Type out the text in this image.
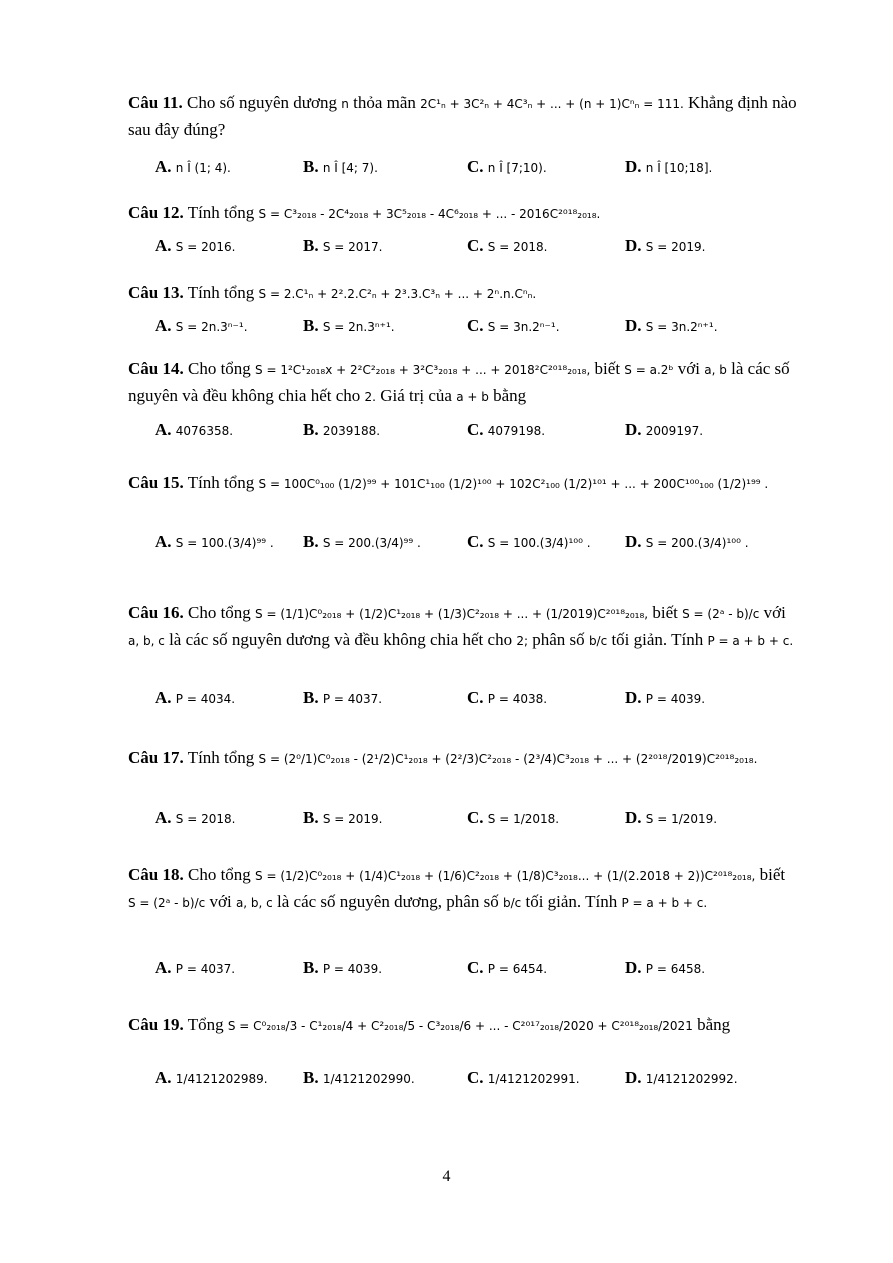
Câu 11. Cho số nguyên dương n thỏa mãn 2C¹ₙ + 3C²ₙ + 4C³ₙ + ... + (n + 1)Cⁿₙ = 111. Khẳng định nào sau đây đúng?
A. n Î (1; 4).	B. n Î [4; 7).	C. n Î [7;10).	D. n Î [10;18].
Câu 12. Tính tổng S = C³₂₀₁₈ - 2C⁴₂₀₁₈ + 3C⁵₂₀₁₈ - 4C⁶₂₀₁₈ + ... - 2016C²⁰¹⁸₂₀₁₈.
A. S = 2016.	B. S = 2017.	C. S = 2018.	D. S = 2019.
Câu 13. Tính tổng S = 2.C¹ₙ + 2².2.C²ₙ + 2³.3.C³ₙ + ... + 2ⁿ.n.Cⁿₙ.
A. S = 2n.3ⁿ⁻¹.	B. S = 2n.3ⁿ⁺¹.	C. S = 3n.2ⁿ⁻¹.	D. S = 3n.2ⁿ⁺¹.
Câu 14. Cho tổng S = 1²C¹₂₀₁₈x + 2²C²₂₀₁₈ + 3²C³₂₀₁₈ + ... + 2018²C²⁰¹⁸₂₀₁₈, biết S = a.2ᵇ với a, b là các số nguyên và đều không chia hết cho 2. Giá trị của a + b bằng
A. 4076358.	B. 2039188.	C. 4079198.	D. 2009197.
Câu 15. Tính tổng S = 100C⁰₁₀₀ (1/2)⁹⁹ + 101C¹₁₀₀ (1/2)¹⁰⁰ + 102C²₁₀₀ (1/2)¹⁰¹ + ... + 200C¹⁰⁰₁₀₀ (1/2)¹⁹⁹ .
A. S = 100.(3/4)⁹⁹ . B. S = 200.(3/4)⁹⁹ .	C. S = 100.(3/4)¹⁰⁰ . D. S = 200.(3/4)¹⁰⁰ .
Câu 16. Cho tổng S = (1/1)C⁰₂₀₁₈ + (1/2)C¹₂₀₁₈ + (1/3)C²₂₀₁₈ + ... + (1/2019)C²⁰¹⁸₂₀₁₈, biết S = (2ᵃ - b)/c với a, b, c là các số nguyên dương và đều không chia hết cho 2; phân số b/c tối giản. Tính P = a + b + c.
A. P = 4034.	B. P = 4037.	C. P = 4038.	D. P = 4039.
Câu 17. Tính tổng S = (2⁰/1)C⁰₂₀₁₈ - (2¹/2)C¹₂₀₁₈ + (2²/3)C²₂₀₁₈ - (2³/4)C³₂₀₁₈ + ... + (2²⁰¹⁸/2019)C²⁰¹⁸₂₀₁₈.
A. S = 2018.	B. S = 2019.	C. S = 1/2018.	D. S = 1/2019.
Câu 18. Cho tổng S = (1/2)C⁰₂₀₁₈ + (1/4)C¹₂₀₁₈ + (1/6)C²₂₀₁₈ + (1/8)C³₂₀₁₈... + (1/(2.2018 + 2))C²⁰¹⁸₂₀₁₈, biết S = (2ᵃ - b)/c với a, b, c là các số nguyên dương, phân số b/c tối giản. Tính P = a + b + c.
A. P = 4037.	B. P = 4039.	C. P = 6454.	D. P = 6458.
Câu 19. Tổng S = C⁰₂₀₁₈/3 - C¹₂₀₁₈/4 + C²₂₀₁₈/5 - C³₂₀₁₈/6 + ... - C²⁰¹⁷₂₀₁₈/2020 + C²⁰¹⁸₂₀₁₈/2021 bằng
A. 1/4121202989. B. 1/4121202990.	C. 1/4121202991.	D. 1/4121202992.
4
